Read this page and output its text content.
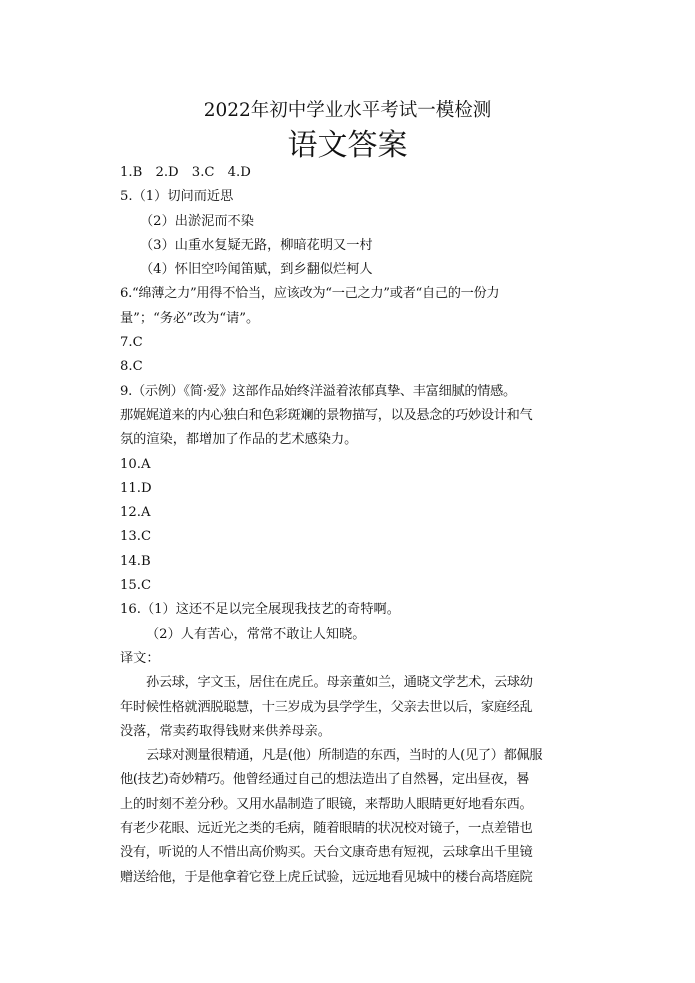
2022年初中学业水平考试一模检测
语文答案
1.B　2.D　3.C　4.D
5.（1）切问而近思
（2）出淤泥而不染
（3）山重水复疑无路，柳暗花明又一村
（4）怀旧空吟闻笛赋，到乡翻似烂柯人
6.“绵薄之力”用得不恰当，应该改为“一己之力”或者“自己的一份力
量”；“务必”改为“请”。
7.C
8.C
9.（示例）《简·爱》这部作品始终洋溢着浓郁真挚、丰富细腻的情感。
那娓娓道来的内心独白和色彩斑斓的景物描写，以及悬念的巧妙设计和气
氛的渲染，都增加了作品的艺术感染力。
10.A
11.D
12.A
13.C
14.B
15.C
16.（1）这还不足以完全展现我技艺的奇特啊。
（2）人有苦心，常常不敢让人知晓。
译文：
孙云球，字文玉，居住在虎丘。母亲董如兰，通晓文学艺术，云球幼
年时候性格就洒脱聪慧，十三岁成为县学学生，父亲去世以后，家庭经乱
没落，常卖药取得钱财来供养母亲。
云球对测量很精通，凡是(他）所制造的东西，当时的人(见了）都佩服
他(技艺)奇妙精巧。他曾经通过自己的想法造出了自然晷，定出昼夜，晷
上的时刻不差分秒。又用水晶制造了眼镜，来帮助人眼睛更好地看东西。
有老少花眼、远近光之类的毛病，随着眼睛的状况校对镜子，一点差错也
没有，听说的人不惜出高价购买。天台文康奇患有短视，云球拿出千里镜
赠送给他，于是他拿着它登上虎丘试验，远远地看见城中的楼台高塔庭院
